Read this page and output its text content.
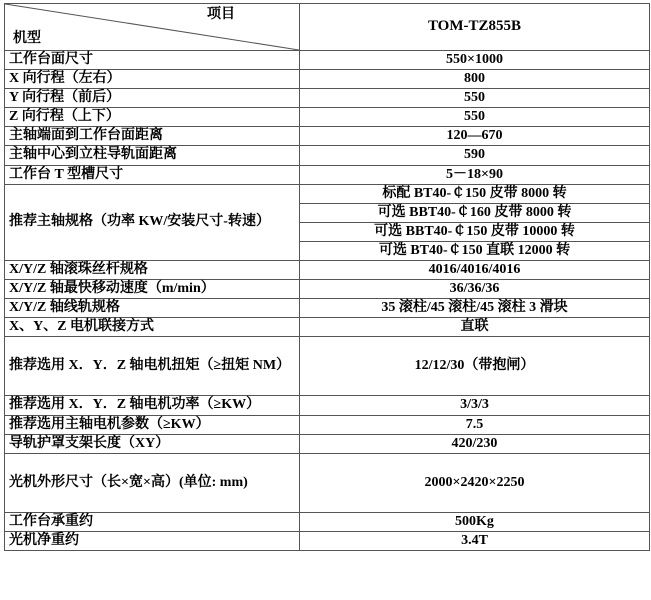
项目
机型	TOM-TZ855B
工作台面尺寸	550×1000
X 向行程（左右）	800
Y 向行程（前后）	550
Z 向行程（上下）	550
主轴端面到工作台面距离	120—670
主轴中心到立柱导轨面距离	590
工作台 T 型槽尺寸	5－18×90
推荐主轴规格（功率 KW/安装尺寸-转速）	标配 BT40-￠150 皮带 8000 转
	可选 BBT40-￠160 皮带 8000 转
	可选 BBT40-￠150 皮带 10000 转
	可选 BT40-￠150 直联 12000 转
X/Y/Z 轴滚珠丝杆规格	4016/4016/4016
X/Y/Z 轴最快移动速度（m/min）	36/36/36
X/Y/Z 轴线轨规格	35 滚柱/45 滚柱/45 滚柱 3 滑块
X、Y、Z 电机联接方式	直联
推荐选用 X．Y．Z 轴电机扭矩（≥扭矩 NM）	12/12/30（带抱闸）
推荐选用 X．Y．Z 轴电机功率（≥KW）	3/3/3
推荐选用主轴电机参数（≥KW）	7.5
导轨护罩支架长度（XY）	420/230
光机外形尺寸（长×宽×高）(单位: mm)	2000×2420×2250
工作台承重约	500Kg
光机净重约	3.4T
